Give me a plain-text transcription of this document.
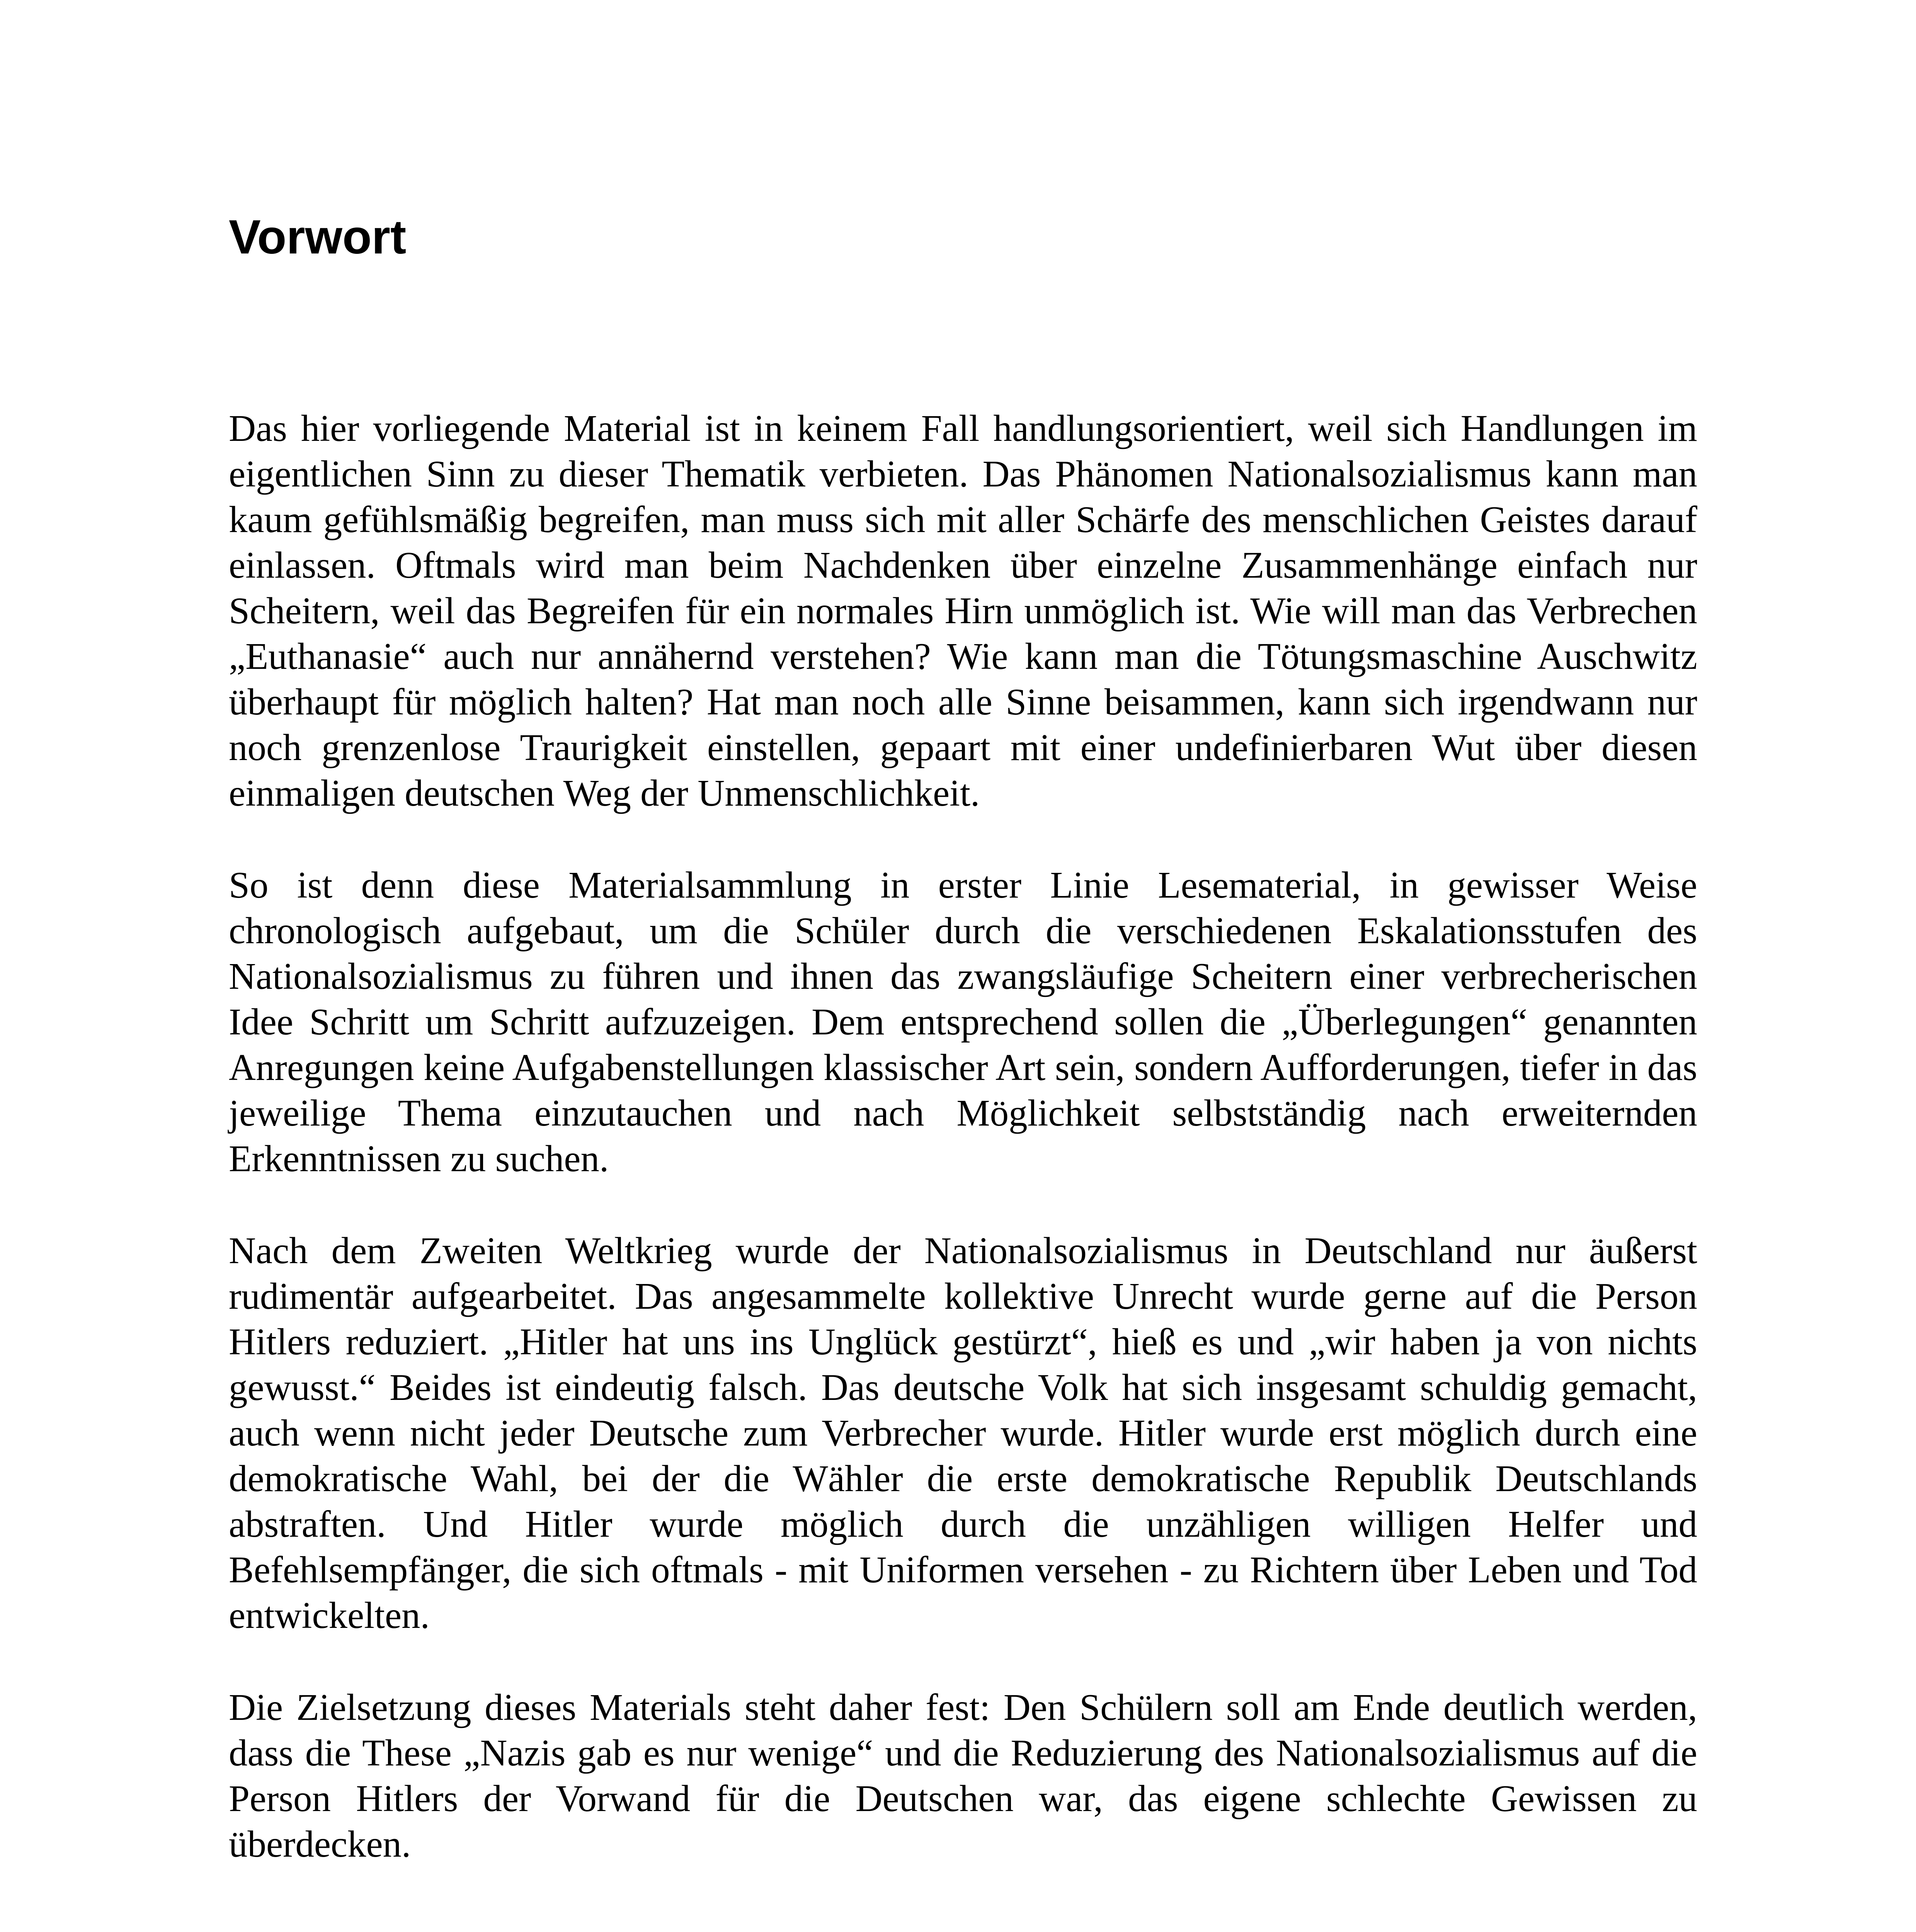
Vorwort

Das hier vorliegende Material ist in keinem Fall handlungsorientiert, weil sich Handlungen im eigentlichen Sinn zu dieser Thematik verbieten. Das Phänomen Nationalsozialismus kann man kaum gefühlsmäßig begreifen, man muss sich mit aller Schärfe des menschlichen Geistes darauf einlassen. Oftmals wird man beim Nachdenken über einzelne Zusammenhänge einfach nur Scheitern, weil das Begreifen für ein normales Hirn unmöglich ist. Wie will man das Verbrechen „Euthanasie“ auch nur annähernd verstehen? Wie kann man die Tötungsmaschine Auschwitz überhaupt für möglich halten? Hat man noch alle Sinne beisammen, kann sich irgendwann nur noch grenzenlose Traurigkeit einstellen, gepaart mit einer undefinierbaren Wut über diesen einmaligen deutschen Weg der Unmenschlichkeit.

So ist denn diese Materialsammlung in erster Linie Lesematerial, in gewisser Weise chronologisch aufgebaut, um die Schüler durch die verschiedenen Eskalationsstufen des Nationalsozialismus zu führen und ihnen das zwangsläufige Scheitern einer verbrecherischen Idee Schritt um Schritt aufzuzeigen. Dem entsprechend sollen die „Überlegungen“ genannten Anregungen keine Aufgabenstellungen klassischer Art sein, sondern Aufforderungen, tiefer in das jeweilige Thema einzutauchen und nach Möglichkeit selbstständig nach erweiternden Erkenntnissen zu suchen.

Nach dem Zweiten Weltkrieg wurde der Nationalsozialismus in Deutschland nur äußerst rudimentär aufgearbeitet. Das angesammelte kollektive Unrecht wurde gerne auf die Person Hitlers reduziert. „Hitler hat uns ins Unglück gestürzt“, hieß es und „wir haben ja von nichts gewusst.“ Beides ist eindeutig falsch. Das deutsche Volk hat sich insgesamt schuldig gemacht, auch wenn nicht jeder Deutsche zum Verbrecher wurde. Hitler wurde erst möglich durch eine demokratische Wahl, bei der die Wähler die erste demokratische Republik Deutschlands abstraften. Und Hitler wurde möglich durch die unzähligen willigen Helfer und Befehlsempfänger, die sich oftmals - mit Uniformen versehen - zu Richtern über Leben und Tod entwickelten.

Die Zielsetzung dieses Materials steht daher fest: Den Schülern soll am Ende deutlich werden, dass die These „Nazis gab es nur wenige“ und die Reduzierung des Nationalsozialismus auf die Person Hitlers der Vorwand für die Deutschen war, das eigene schlechte Gewissen zu überdecken.
